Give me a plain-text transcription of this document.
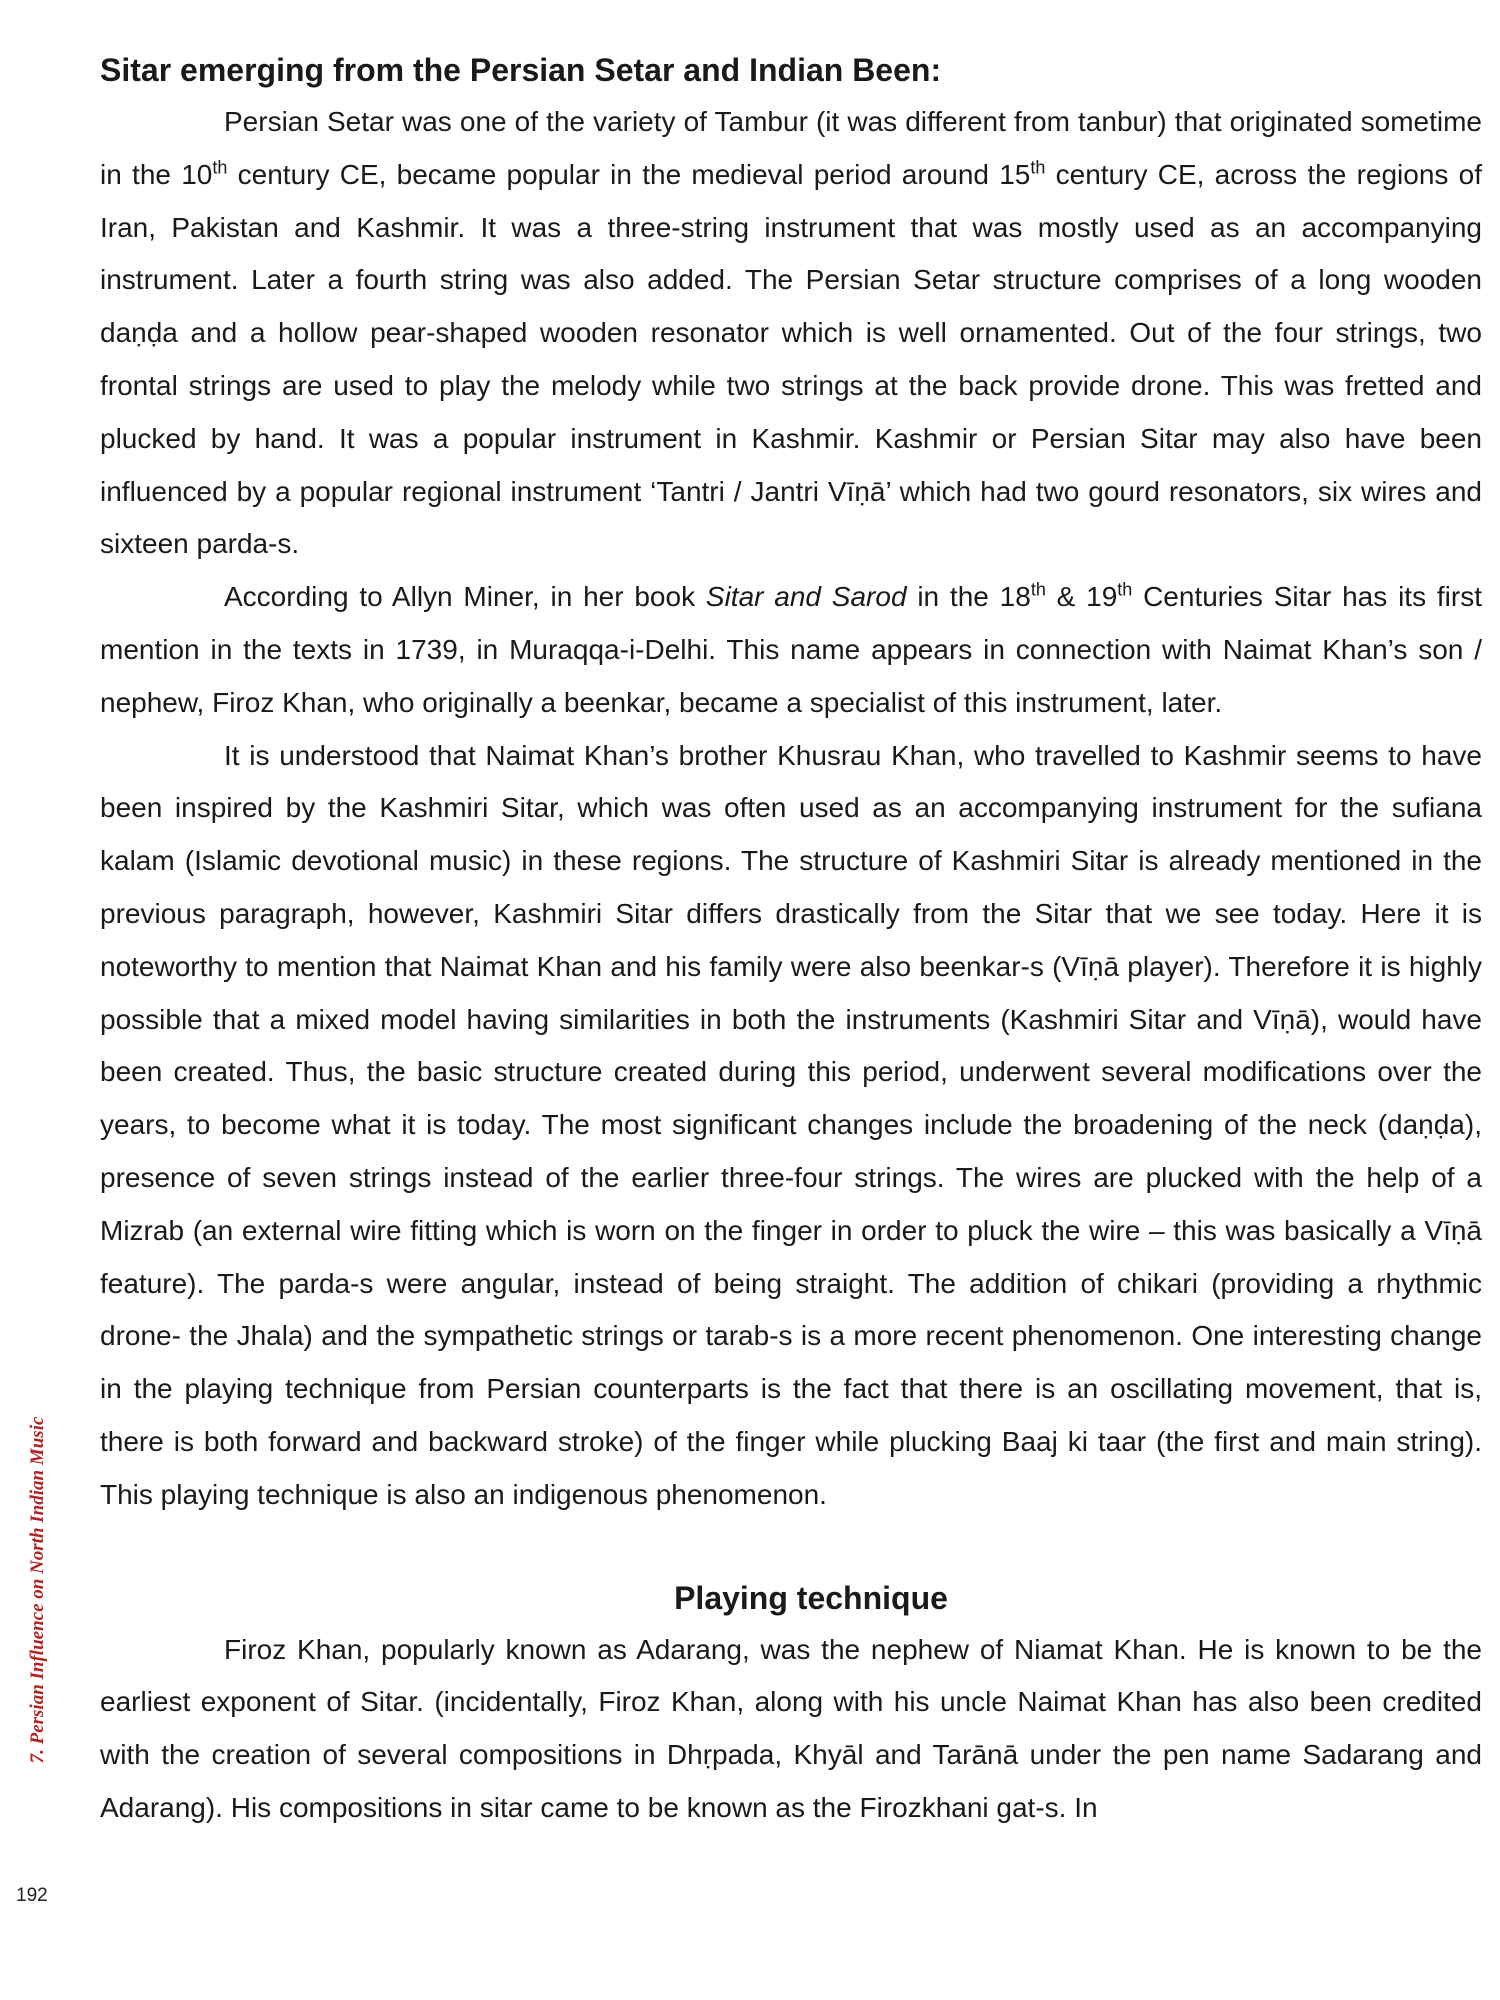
Sitar emerging from the Persian Setar and Indian Been:

Persian Setar was one of the variety of Tambur (it was different from tanbur) that originated sometime in the 10th century CE, became popular in the medieval period around 15th century CE, across the regions of Iran, Pakistan and Kashmir. It was a three-string instrument that was mostly used as an accompanying instrument. Later a fourth string was also added. The Persian Setar structure comprises of a long wooden daṇḍa and a hollow pear-shaped wooden resonator which is well ornamented. Out of the four strings, two frontal strings are used to play the melody while two strings at the back provide drone. This was fretted and plucked by hand. It was a popular instrument in Kashmir. Kashmir or Persian Sitar may also have been influenced by a popular regional instrument ‘Tantri / Jantri Vīṇā’ which had two gourd resonators, six wires and sixteen parda-s.

According to Allyn Miner, in her book Sitar and Sarod in the 18th & 19th Centuries Sitar has its first mention in the texts in 1739, in Muraqqa-i-Delhi. This name appears in connection with Naimat Khan’s son / nephew, Firoz Khan, who originally a beenkar, became a specialist of this instrument, later.

It is understood that Naimat Khan’s brother Khusrau Khan, who travelled to Kashmir seems to have been inspired by the Kashmiri Sitar, which was often used as an accompanying instrument for the sufiana kalam (Islamic devotional music) in these regions. The structure of Kashmiri Sitar is already mentioned in the previous paragraph, however, Kashmiri Sitar differs drastically from the Sitar that we see today. Here it is noteworthy to mention that Naimat Khan and his family were also beenkar-s (Vīṇā player). Therefore it is highly possible that a mixed model having similarities in both the instruments (Kashmiri Sitar and Vīṇā), would have been created. Thus, the basic structure created during this period, underwent several modifications over the years, to become what it is today. The most significant changes include the broadening of the neck (daṇḍa), presence of seven strings instead of the earlier three-four strings. The wires are plucked with the help of a Mizrab (an external wire fitting which is worn on the finger in order to pluck the wire – this was basically a Vīṇā feature). The parda-s were angular, instead of being straight. The addition of chikari (providing a rhythmic drone- the Jhala) and the sympathetic strings or tarab-s is a more recent phenomenon. One interesting change in the playing technique from Persian counterparts is the fact that there is an oscillating movement, that is, there is both forward and backward stroke) of the finger while plucking Baaj ki taar (the first and main string). This playing technique is also an indigenous phenomenon.

Playing technique

Firoz Khan, popularly known as Adarang, was the nephew of Niamat Khan. He is known to be the earliest exponent of Sitar. (incidentally, Firoz Khan, along with his uncle Naimat Khan has also been credited with the creation of several compositions in Dhṛpada, Khyāl and Tarānā under the pen name Sadarang and Adarang). His compositions in sitar came to be known as the Firozkhani gat-s. In

7. Persian Influence on North Indian Music
192
